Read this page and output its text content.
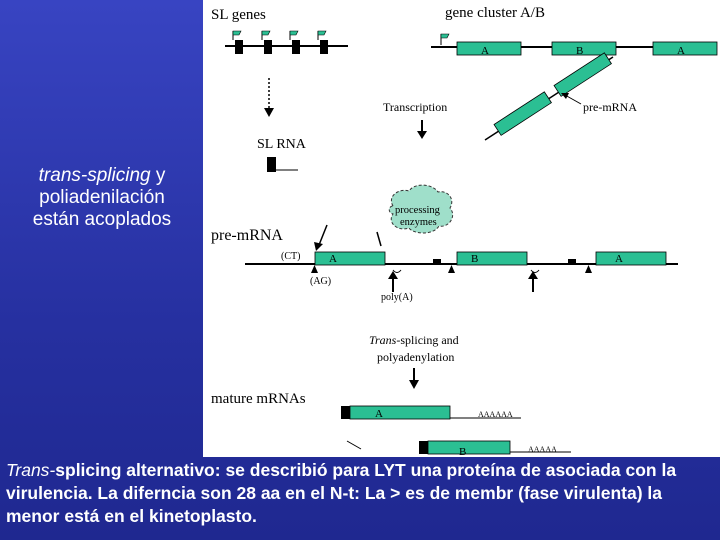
SL genes
SL RNA
gene cluster A/B
A	B	A
pre-mRNA
Transcription
processing
enzymes
pre-mRNA
(CT)	A	B	A
(AG)
poly(A)
Trans-splicing and
polyadenylation
mature mRNAs
A	AAAAAA
B	AAAAA
trans-splicing y
poliadenilación
están acoplados
Trans-splicing alternativo: se describió para LYT una proteína de asociada con la virulencia. La diferncia son 28 aa en el N-t: La > es de membr (fase virulenta) la menor está en el kinetoplasto.
